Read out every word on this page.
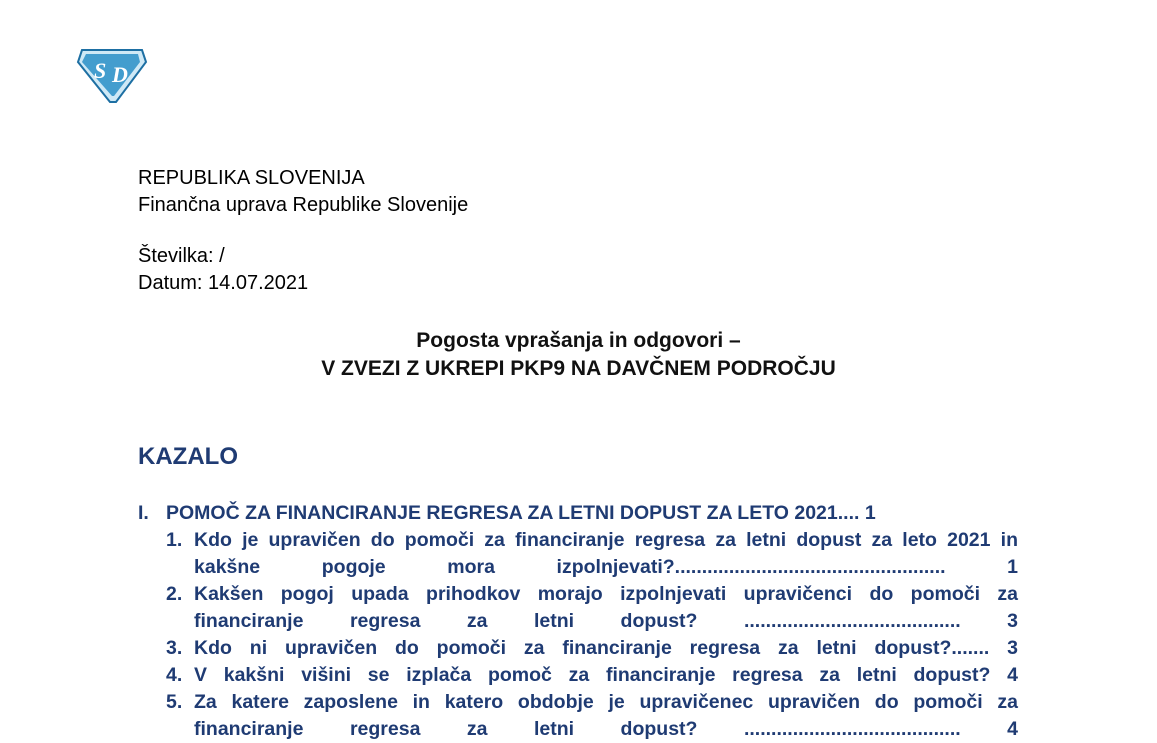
S D
REPUBLIKA SLOVENIJA
Finančna uprava Republike Slovenije
Številka: /
Datum: 14.07.2021
Pogosta vprašanja in odgovori –
V ZVEZI Z UKREPI PKP9 NA DAVČNEM PODROČJU
KAZALO
I. POMOČ ZA FINANCIRANJE REGRESA ZA LETNI DOPUST ZA LETO 2021.... 1
1. Kdo je upravičen do pomoči za financiranje regresa za letni dopust za leto 2021 in kakšne pogoje mora izpolnjevati?.................................................. 1
2. Kakšen pogoj upada prihodkov morajo izpolnjevati upravičenci do pomoči za financiranje regresa za letni dopust? ........................................ 3
3. Kdo ni upravičen do pomoči za financiranje regresa za letni dopust?....... 3
4. V kakšni višini se izplača pomoč za financiranje regresa za letni dopust? 4
5. Za katere zaposlene in katero obdobje je upravičenec upravičen do pomoči za financiranje regresa za letni dopust? ........................................ 4
